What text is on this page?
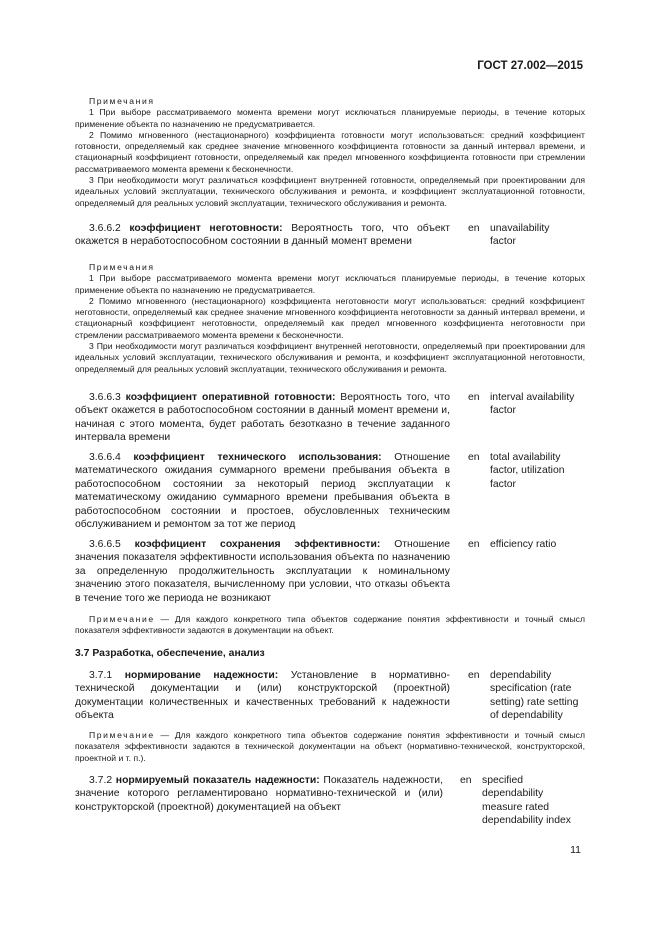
ГОСТ 27.002—2015

Примечания

1 При выборе рассматриваемого момента времени могут исключаться планируемые периоды, в течение которых применение объекта по назначению не предусматривается.

2 Помимо мгновенного (нестационарного) коэффициента готовности могут использоваться: средний коэффициент готовности, определяемый как среднее значение мгновенного коэффициента готовности за данный интервал времени, и стационарный коэффициент готовности, определяемый как предел мгновенного коэффициента готовности при стремлении рассматриваемого момента времени к бесконечности.

3 При необходимости могут различаться коэффициент внутренней готовности, определяемый при проектировании для идеальных условий эксплуатации, технического обслуживания и ремонта, и коэффициент эксплуатационной готовности, определяемый для реальных условий эксплуатации, технического обслуживания и ремонта.

3.6.6.2 коэффициент неготовности: Вероятность того, что объект окажется в неработоспособном состоянии в данный момент времени

en unavailability
factor

Примечания

1 При выборе рассматриваемого момента времени могут исключаться планируемые периоды, в течение которых применение объекта по назначению не предусматривается.

2 Помимо мгновенного (нестационарного) коэффициента неготовности могут использоваться: средний коэффициент неготовности, определяемый как среднее значение мгновенного коэффициента неготовности за данный интервал времени, и стационарный коэффициент неготовности, определяемый как предел мгновенного коэффициента неготовности при стремлении рассматриваемого момента времени к бесконечности.

3 При необходимости могут различаться коэффициент внутренней неготовности, определяемый при проектировании для идеальных условий эксплуатации, технического обслуживания и ремонта, и коэффициент эксплуатационной неготовности, определяемый для реальных условий эксплуатации, технического обслуживания и ремонта.

3.6.6.3 коэффициент оперативной готовности: Вероятность того, что объект окажется в работоспособном состоянии в данный момент времени и, начиная с этого момента, будет работать безотказно в течение заданного интервала времени

en interval availability
factor

3.6.6.4 коэффициент технического использования: Отношение математического ожидания суммарного времени пребывания объекта в работоспособном состоянии за некоторый период эксплуатации к математическому ожиданию суммарного времени пребывания объекта в работоспособном состоянии и простоев, обусловленных техническим обслуживанием и ремонтом за тот же период

en total availability
factor, utilization
factor

3.6.6.5 коэффициент сохранения эффективности: Отношение значения показателя эффективности использования объекта по назначению за определенную продолжительность эксплуатации к номинальному значению этого показателя, вычисленному при условии, что отказы объекта в течение того же периода не возникают

en efficiency ratio

Примечание — Для каждого конкретного типа объектов содержание понятия эффективности и точный смысл показателя эффективности задаются в документации на объект.

3.7 Разработка, обеспечение, анализ

3.7.1 нормирование надежности: Установление в нормативно-технической документации и (или) конструкторской (проектной) документации количественных и качественных требований к надежности объекта

en dependability
specification (rate
setting) rate setting
of dependability

Примечание — Для каждого конкретного типа объектов содержание понятия эффективности и точный смысл показателя эффективности задаются в технической документации на объект (нормативно-технической, конструкторской, проектной и т. п.).

3.7.2 нормируемый показатель надежности: Показатель надежности, значение которого регламентировано нормативно-технической и (или) конструкторской (проектной) документацией на объект

en specified
dependability
measure rated
dependability index
11
